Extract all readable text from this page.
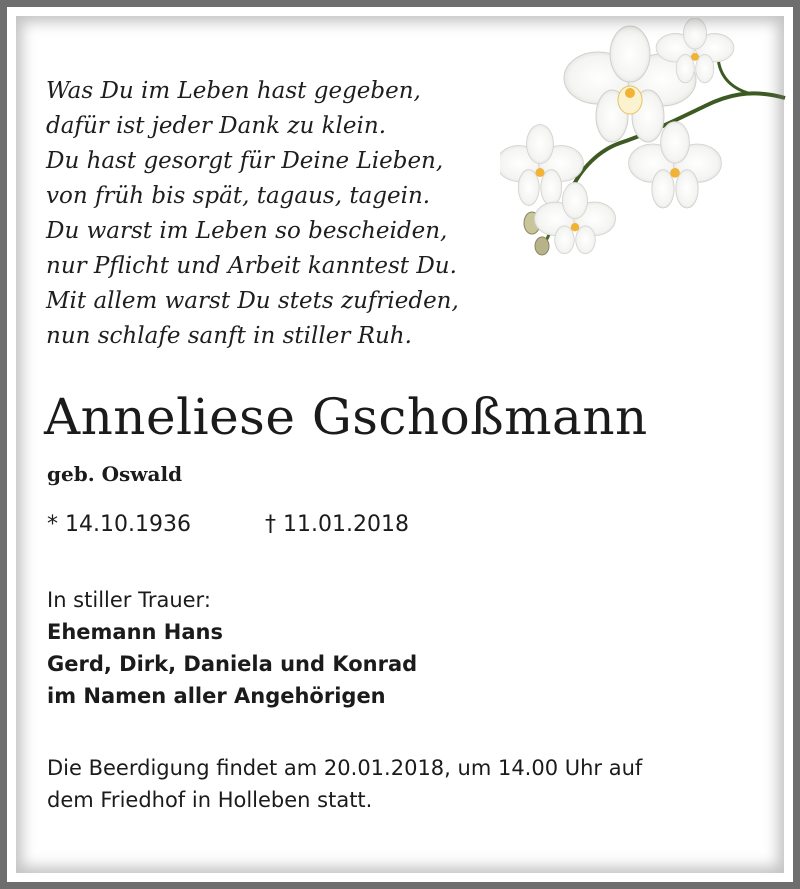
Was Du im Leben hast gegeben,
dafür ist jeder Dank zu klein.
Du hast gesorgt für Deine Lieben,
von früh bis spät, tagaus, tagein.
Du warst im Leben so bescheiden,
nur Pflicht und Arbeit kanntest Du.
Mit allem warst Du stets zufrieden,
nun schlafe sanft in stiller Ruh.
Anneliese Gschoßmann
geb. Oswald
* 14.10.1936	† 11.01.2018
In stiller Trauer:
Ehemann Hans
Gerd, Dirk, Daniela und Konrad
im Namen aller Angehörigen
Die Beerdigung findet am 20.01.2018, um 14.00 Uhr auf
dem Friedhof in Holleben statt.
